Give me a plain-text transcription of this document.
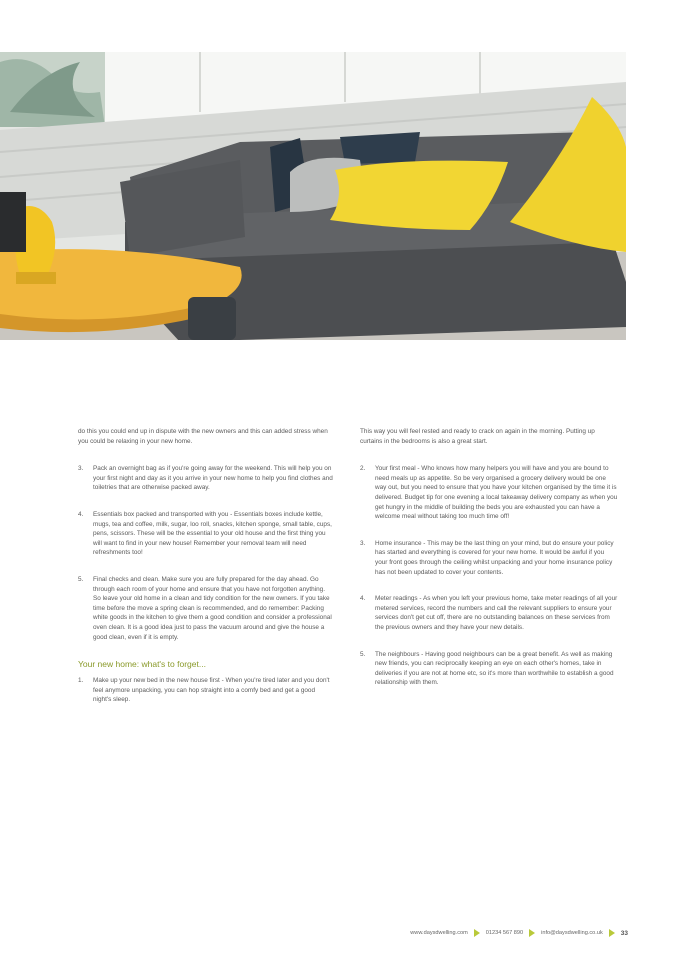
do this you could end up in dispute with the new owners and this can added stress when you could be relaxing in your new home.

3. Pack an overnight bag as if you're going away for the weekend. This will help you on your first night and day as it you arrive in your new home to help you find clothes and toiletries that are otherwise packed away.

4. Essentials box packed and transported with you - Essentials boxes include kettle, mugs, tea and coffee, milk, sugar, loo roll, snacks, kitchen sponge, small table, cups, pens, scissors. These will be the essential to your old house and the first thing you will want to find in your new house! Remember your removal team will need refreshments too!

5. Final checks and clean. Make sure you are fully prepared for the day ahead. Go through each room of your home and ensure that you have not forgotten anything. So leave your old home in a clean and tidy condition for the new owners. If you take time before the move a spring clean is recommended, and do remember: Packing white goods in the kitchen to give them a good condition and consider a professional oven clean. It is a good idea just to pass the vacuum around and give the house a good clean, even if it is empty.

Your new home: what's to forget...
1. Make up your new bed in the new house first - When you're tired later and you don't feel anymore unpacking, you can hop straight into a comfy bed and get a good night's sleep.

This way you will feel rested and ready to crack on again in the morning. Putting up curtains in the bedrooms is also a great start.

2. Your first meal - Who knows how many helpers you will have and you are bound to need meals up as appetite. So be very organised a grocery delivery would be one way out, but you need to ensure that you have your kitchen organised by the time it is delivered. Budget tip for one evening a local takeaway delivery company as when you get hungry in the middle of building the beds you are exhausted you can have a welcome meal without taking too much time off!

3. Home insurance - This may be the last thing on your mind, but do ensure your policy has started and everything is covered for your new home. It would be awful if you your front goes through the ceiling whilst unpacking and your home insurance policy has not been updated to cover your contents.

4. Meter readings - As when you left your previous home, take meter readings of all your metered services, record the numbers and call the relevant suppliers to ensure your services don't get cut off, there are no outstanding balances on these services from the previous owners and they have your new details.

5. The neighbours - Having good neighbours can be a great benefit. As well as making new friends, you can reciprocally keeping an eye on each other's homes, take in deliveries if you are not at home etc, so it's more than worthwhile to establish a good relationship with them.

www.daysdwelling.com	01234 567 890	info@daysdwelling.co.uk	33
